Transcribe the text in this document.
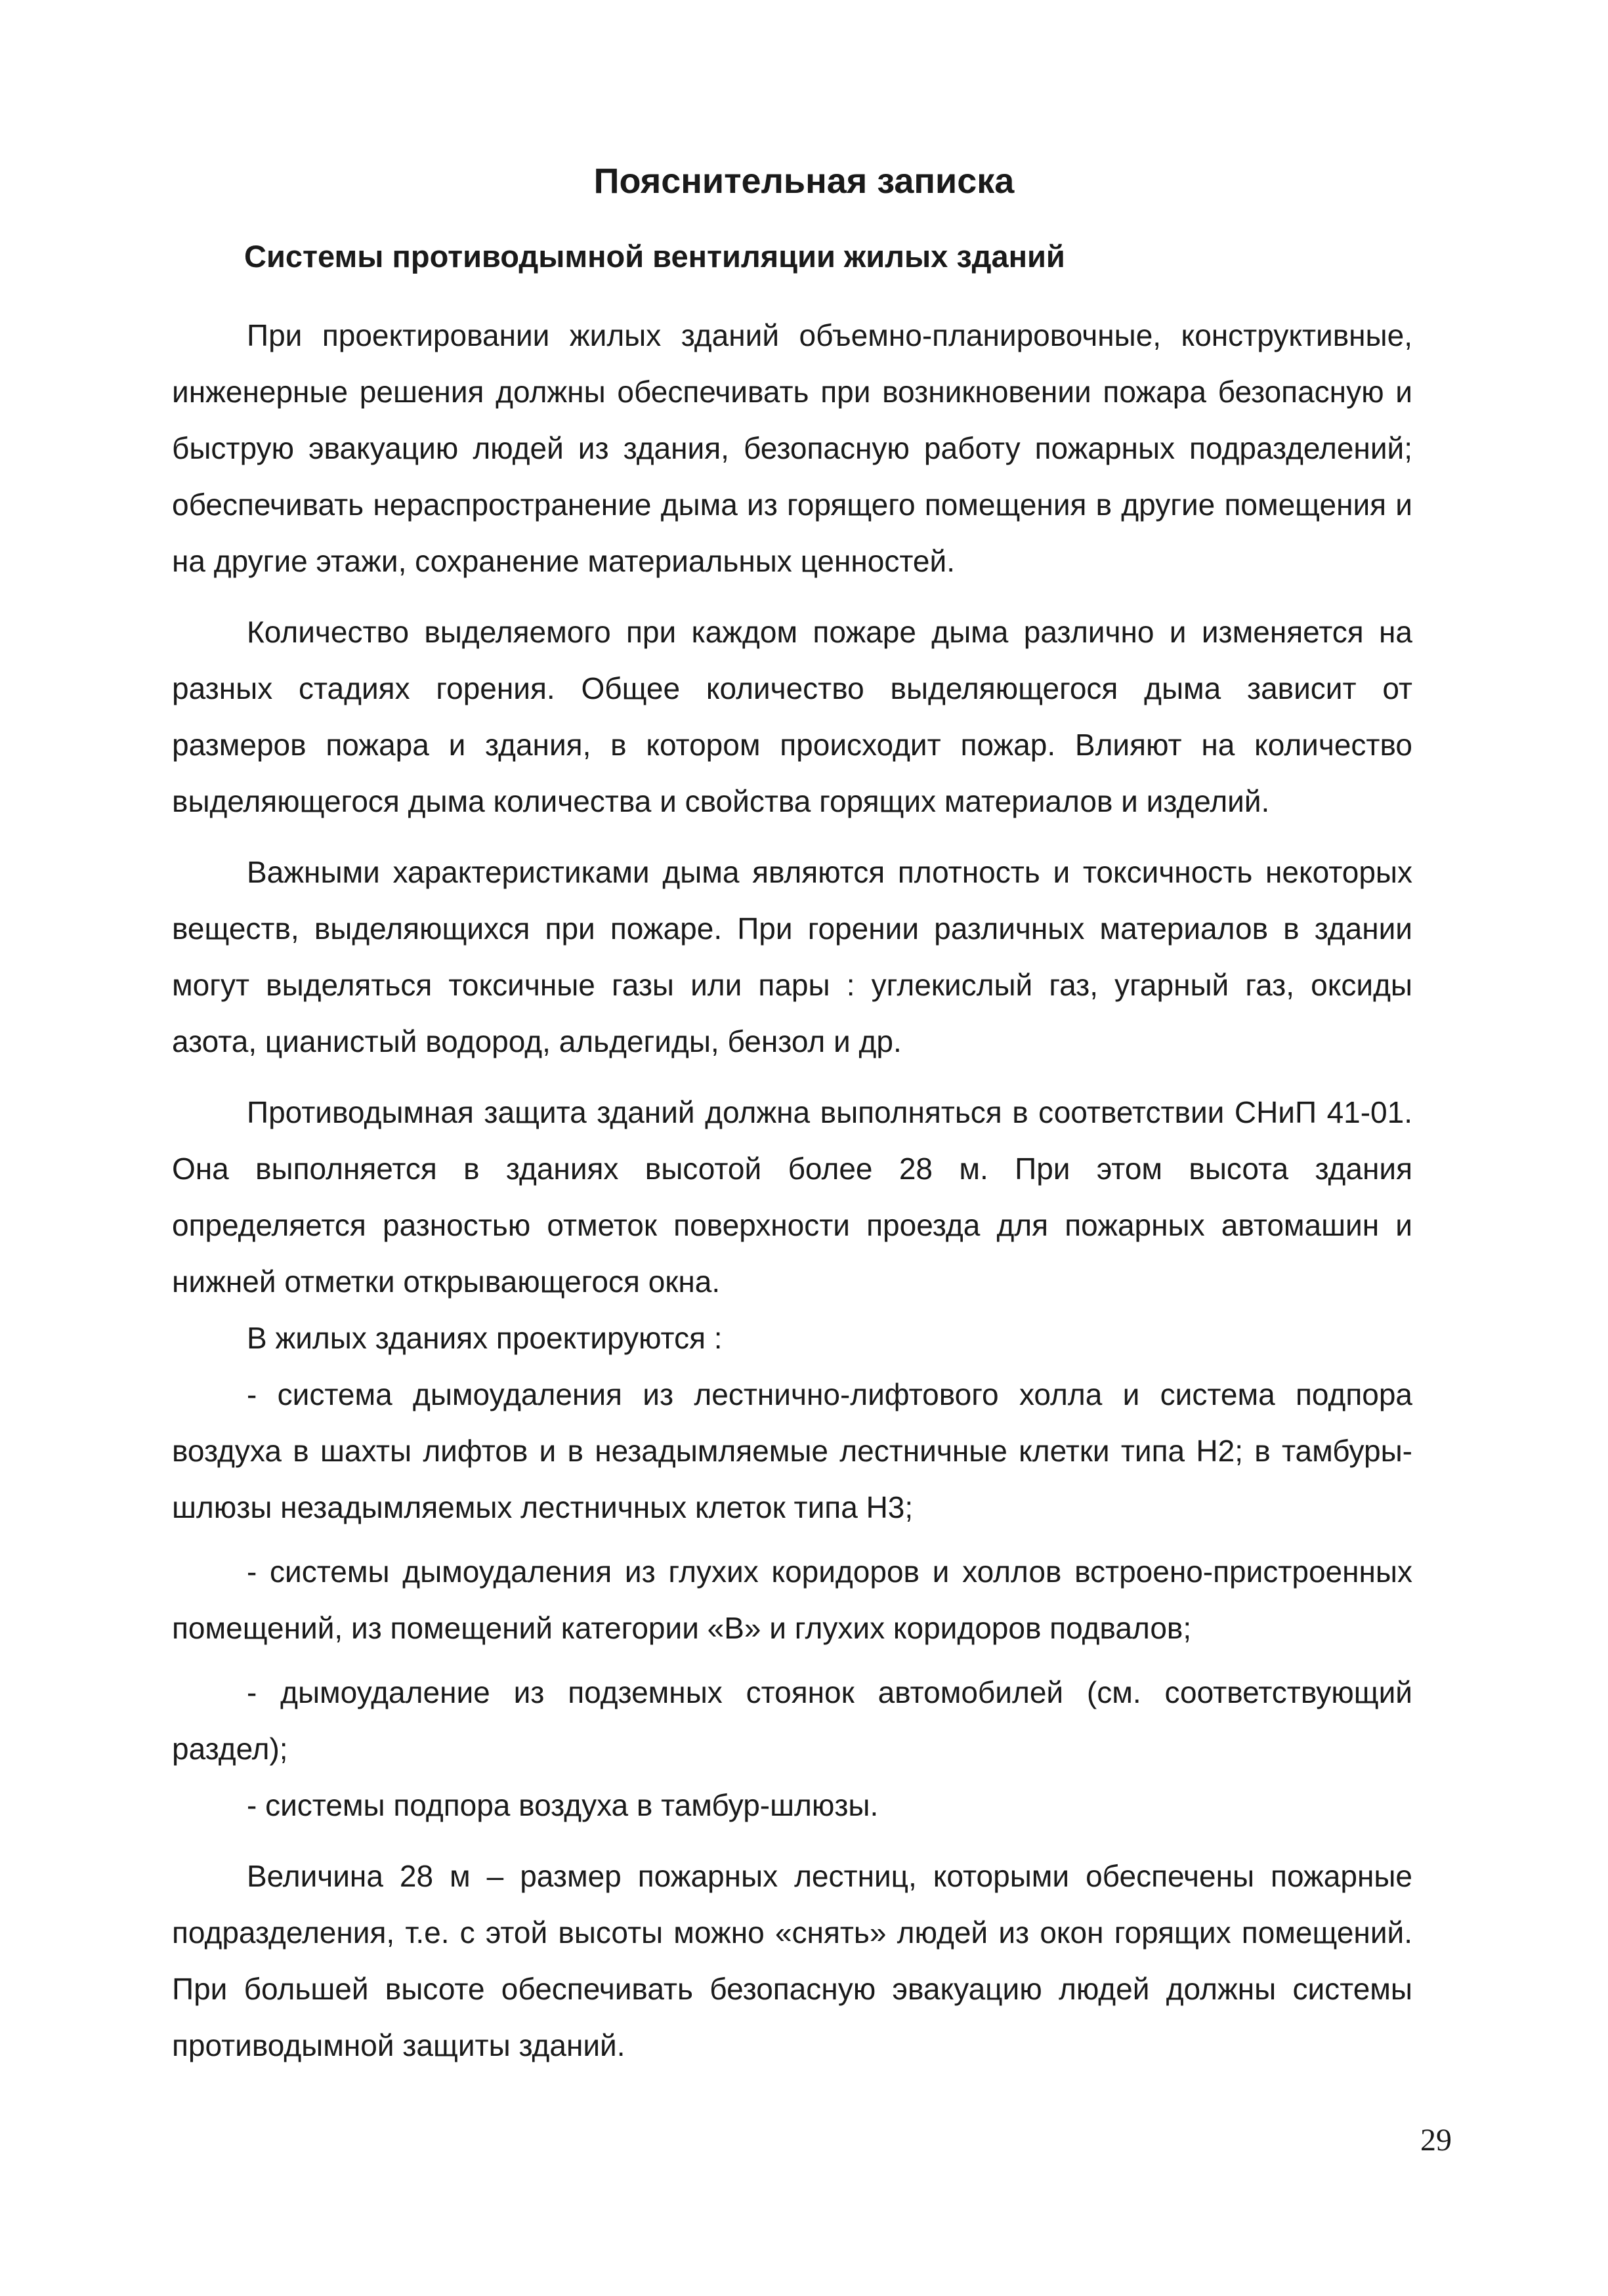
Пояснительная записка
Системы противодымной вентиляции жилых зданий

При проектировании жилых зданий объемно-планировочные, конструктивные, инженерные решения должны обеспечивать при возникновении пожара безопасную и быструю эвакуацию людей из здания, безопасную работу пожарных подразделений; обеспечивать нераспространение дыма из горящего помещения в другие помещения и на другие этажи, сохранение материальных ценностей.

Количество выделяемого при каждом пожаре дыма различно и изменяется на разных стадиях горения. Общее количество выделяющегося дыма зависит от размеров пожара и здания, в котором происходит пожар. Влияют на количество выделяющегося дыма количества и свойства горящих материалов и изделий.

Важными характеристиками дыма являются плотность и токсичность некоторых веществ, выделяющихся при пожаре. При горении различных материалов в здании могут выделяться токсичные газы или пары : углекислый газ, угарный газ, оксиды азота, цианистый водород, альдегиды, бензол и др.

Противодымная защита зданий должна выполняться в соответствии СНиП 41-01. Она выполняется в зданиях высотой более 28 м. При этом высота здания определяется разностью отметок поверхности проезда для пожарных автомашин и нижней отметки открывающегося окна.

В жилых зданиях проектируются :

- система дымоудаления из лестнично-лифтового холла и система подпора воздуха в шахты лифтов и в незадымляемые лестничные клетки типа Н2; в тамбуры-шлюзы незадымляемых лестничных клеток типа Н3;

- системы дымоудаления из глухих коридоров и холлов встроено-пристроенных помещений, из помещений категории «В» и глухих коридоров подвалов;

- дымоудаление из подземных стоянок автомобилей (см. соответствующий раздел);

- системы подпора воздуха в тамбур-шлюзы.

Величина 28 м – размер пожарных лестниц, которыми обеспечены пожарные подразделения, т.е. с этой высоты можно «снять» людей из окон горящих помещений. При большей высоте обеспечивать безопасную эвакуацию людей должны системы противодымной защиты зданий.

29
